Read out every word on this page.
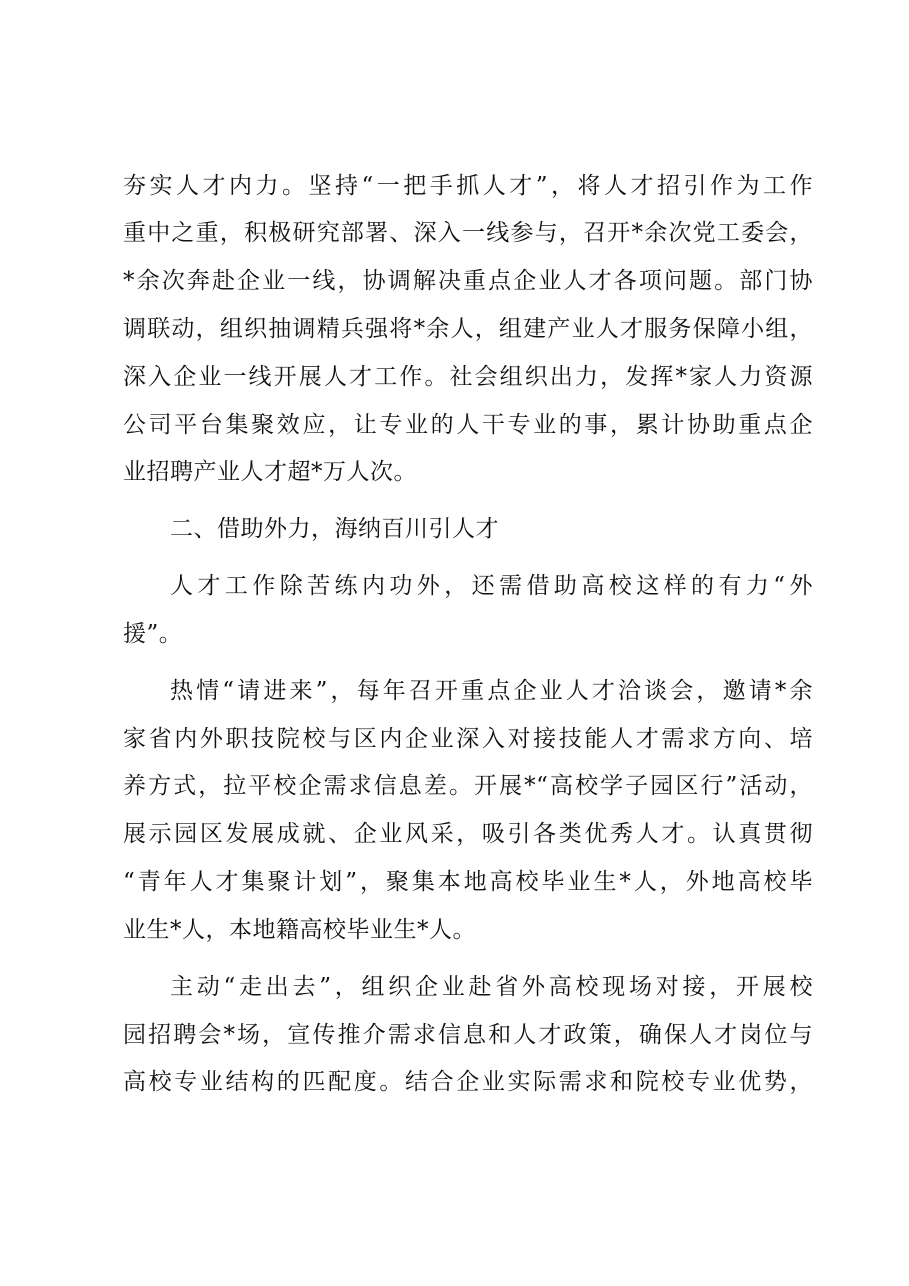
夯实人才内力。坚持“一把手抓人才”，将人才招引作为工作
重中之重，积极研究部署、深入一线参与，召开*余次党工委会，
*余次奔赴企业一线，协调解决重点企业人才各项问题。部门协
调联动，组织抽调精兵强将*余人，组建产业人才服务保障小组，
深入企业一线开展人才工作。社会组织出力，发挥*家人力资源
公司平台集聚效应，让专业的人干专业的事，累计协助重点企
业招聘产业人才超*万人次。
二、借助外力，海纳百川引人才
人才工作除苦练内功外，还需借助高校这样的有力“外
援”。
热情“请进来”，每年召开重点企业人才洽谈会，邀请*余
家省内外职技院校与区内企业深入对接技能人才需求方向、培
养方式，拉平校企需求信息差。开展*“高校学子园区行”活动，
展示园区发展成就、企业风采，吸引各类优秀人才。认真贯彻
“青年人才集聚计划”，聚集本地高校毕业生*人，外地高校毕
业生*人，本地籍高校毕业生*人。
主动“走出去”，组织企业赴省外高校现场对接，开展校
园招聘会*场，宣传推介需求信息和人才政策，确保人才岗位与
高校专业结构的匹配度。结合企业实际需求和院校专业优势，
